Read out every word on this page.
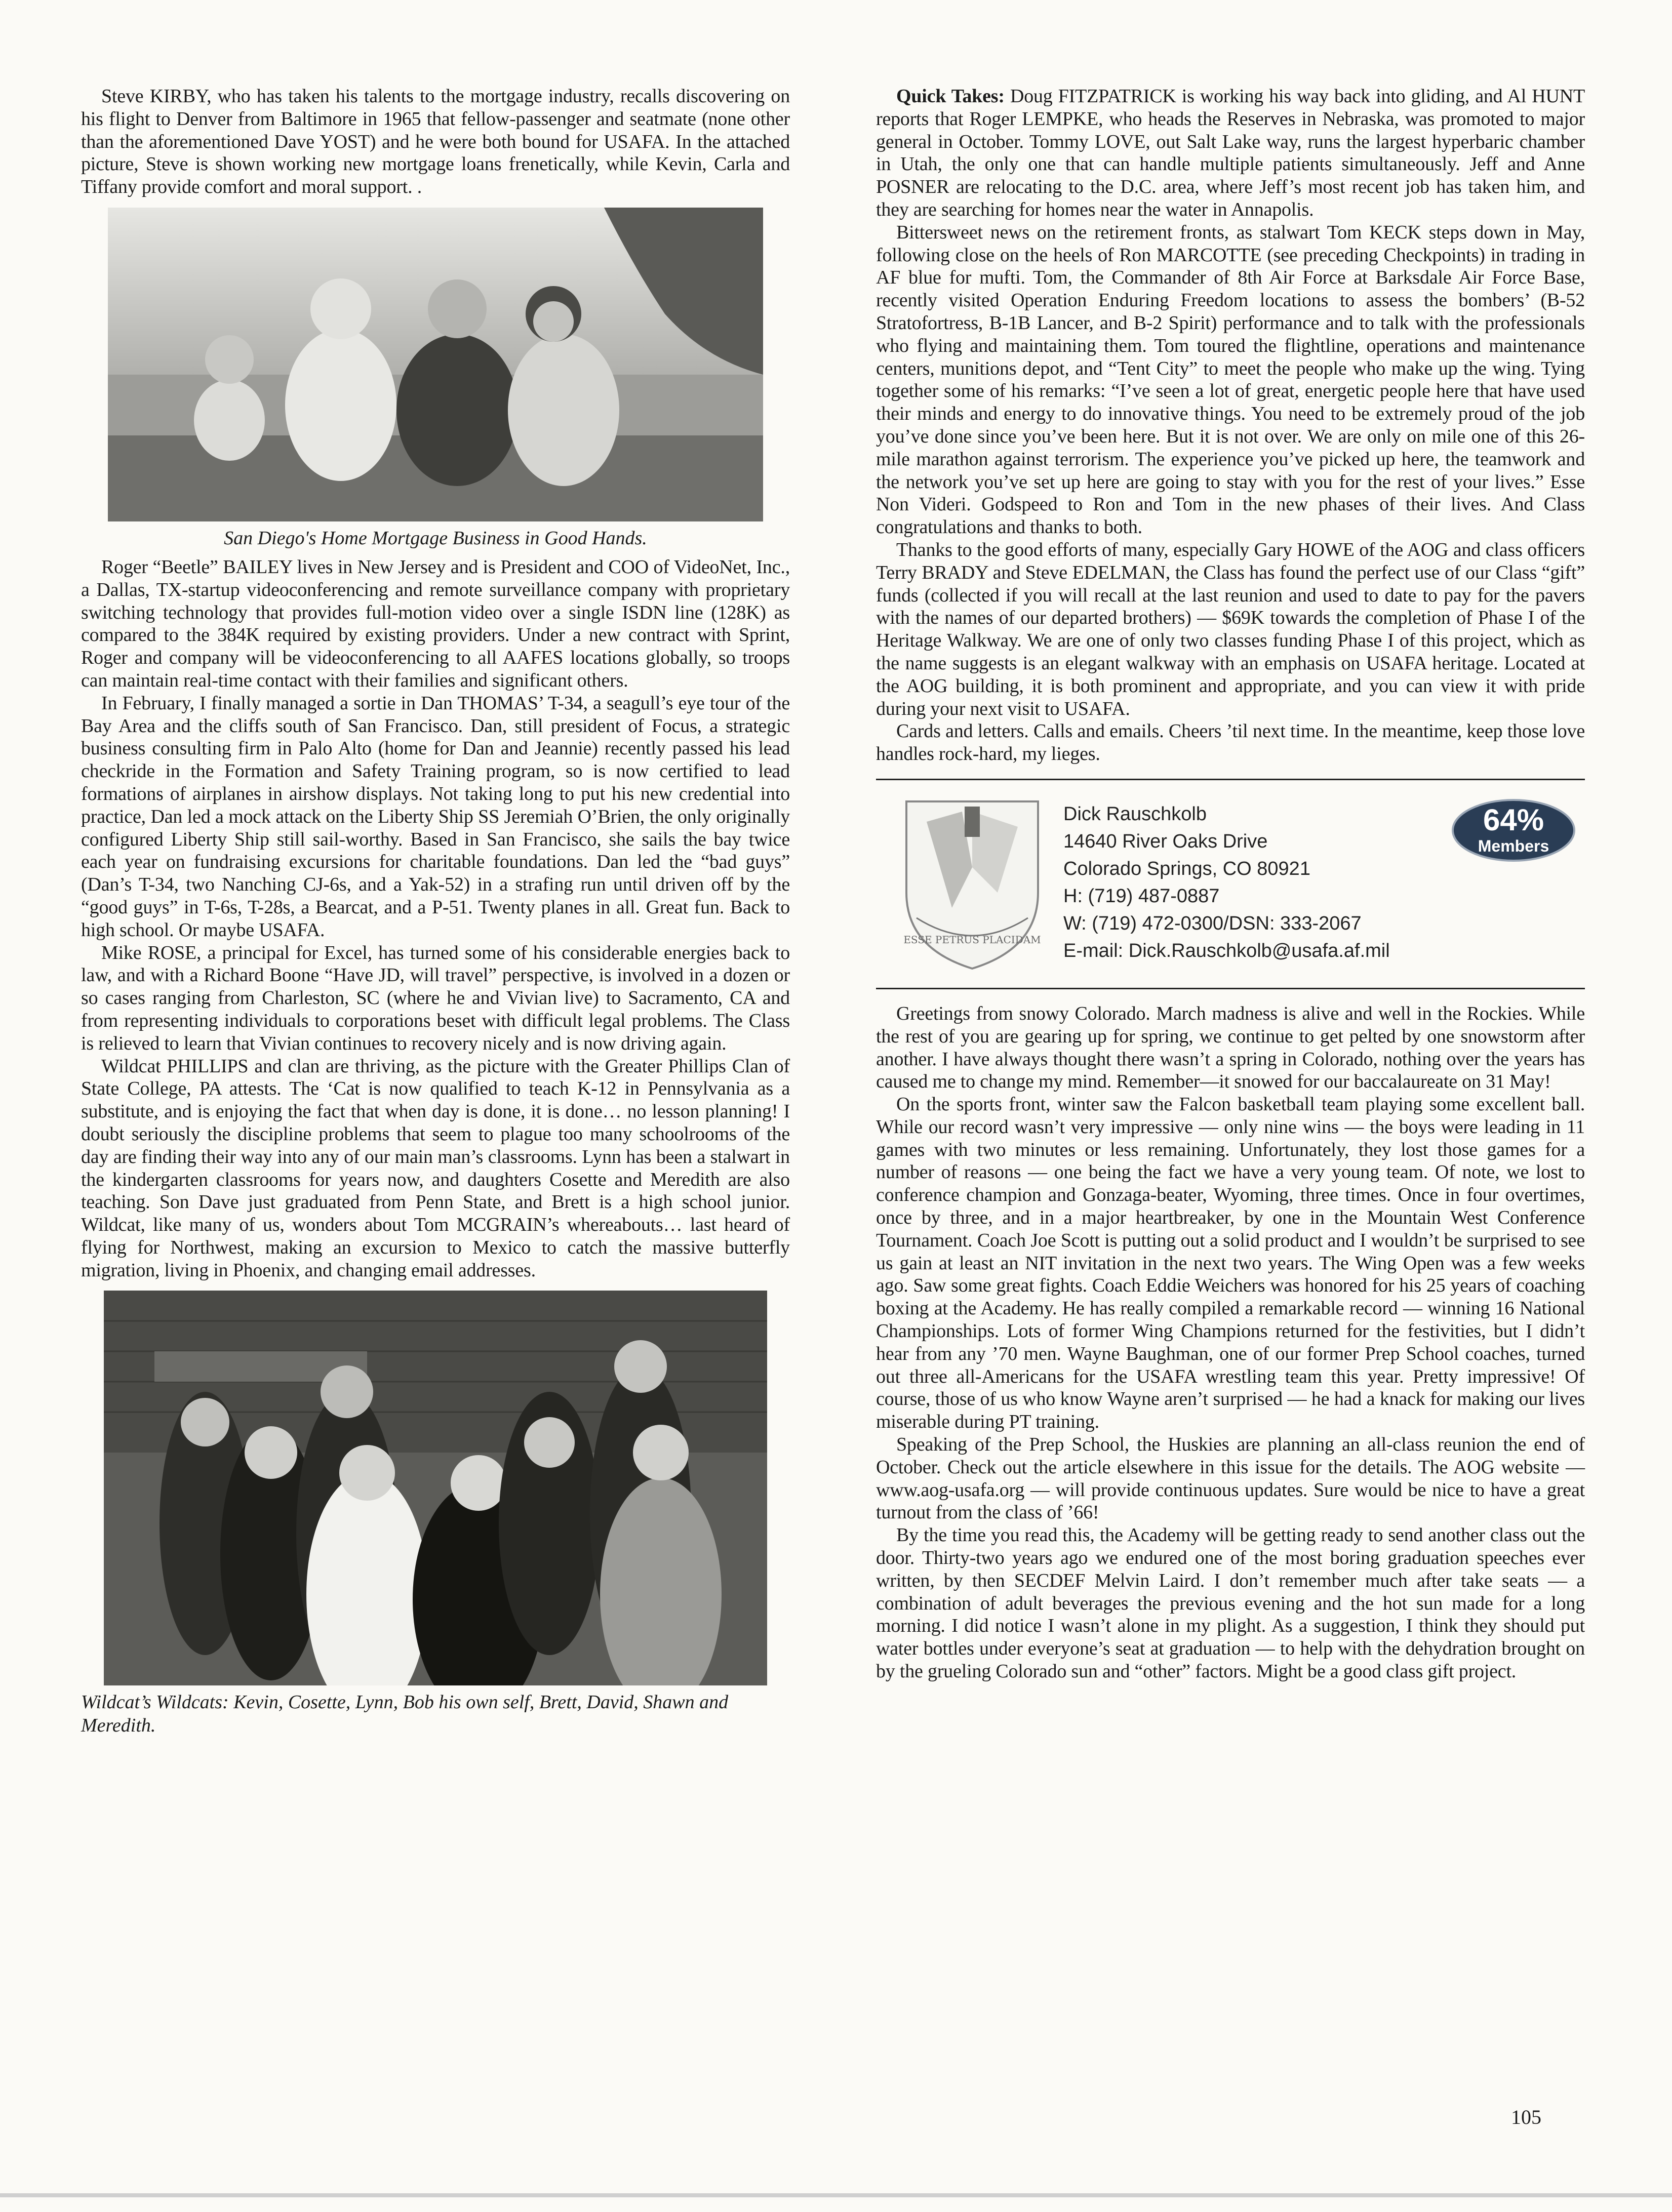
Steve KIRBY, who has taken his talents to the mortgage industry, recalls discovering on his flight to Denver from Baltimore in 1965 that fellow-passenger and seatmate (none other than the aforementioned Dave YOST) and he were both bound for USAFA. In the attached picture, Steve is shown working new mortgage loans frenetically, while Kevin, Carla and Tiffany provide comfort and moral support. .

San Diego's Home Mortgage Business in Good Hands.

Roger “Beetle” BAILEY lives in New Jersey and is President and COO of VideoNet, Inc., a Dallas, TX-startup videoconferencing and remote surveillance company with proprietary switching technology that provides full-motion video over a single ISDN line (128K) as compared to the 384K required by existing providers. Under a new contract with Sprint, Roger and company will be videoconferencing to all AAFES locations globally, so troops can maintain real-time contact with their families and significant others.

In February, I finally managed a sortie in Dan THOMAS’ T-34, a seagull’s eye tour of the Bay Area and the cliffs south of San Francisco. Dan, still president of Focus, a strategic business consulting firm in Palo Alto (home for Dan and Jeannie) recently passed his lead checkride in the Formation and Safety Training program, so is now certified to lead formations of airplanes in airshow displays. Not taking long to put his new credential into practice, Dan led a mock attack on the Liberty Ship SS Jeremiah O’Brien, the only originally configured Liberty Ship still sail-worthy. Based in San Francisco, she sails the bay twice each year on fundraising excursions for charitable foundations. Dan led the “bad guys” (Dan’s T-34, two Nanching CJ-6s, and a Yak-52) in a strafing run until driven off by the “good guys” in T-6s, T-28s, a Bearcat, and a P-51. Twenty planes in all. Great fun. Back to high school. Or maybe USAFA.

Mike ROSE, a principal for Excel, has turned some of his considerable energies back to law, and with a Richard Boone “Have JD, will travel” perspective, is involved in a dozen or so cases ranging from Charleston, SC (where he and Vivian live) to Sacramento, CA and from representing individuals to corporations beset with difficult legal problems. The Class is relieved to learn that Vivian continues to recovery nicely and is now driving again.

Wildcat PHILLIPS and clan are thriving, as the picture with the Greater Phillips Clan of State College, PA attests. The ‘Cat is now qualified to teach K-12 in Pennsylvania as a substitute, and is enjoying the fact that when day is done, it is done… no lesson planning! I doubt seriously the discipline problems that seem to plague too many schoolrooms of the day are finding their way into any of our main man’s classrooms. Lynn has been a stalwart in the kindergarten classrooms for years now, and daughters Cosette and Meredith are also teaching. Son Dave just graduated from Penn State, and Brett is a high school junior. Wildcat, like many of us, wonders about Tom MCGRAIN’s whereabouts… last heard of flying for Northwest, making an excursion to Mexico to catch the massive butterfly migration, living in Phoenix, and changing email addresses.

Wildcat’s Wildcats: Kevin, Cosette, Lynn, Bob his own self, Brett, David, Shawn and Meredith.

Quick Takes: Doug FITZPATRICK is working his way back into gliding, and Al HUNT reports that Roger LEMPKE, who heads the Reserves in Nebraska, was promoted to major general in October. Tommy LOVE, out Salt Lake way, runs the largest hyperbaric chamber in Utah, the only one that can handle multiple patients simultaneously. Jeff and Anne POSNER are relocating to the D.C. area, where Jeff’s most recent job has taken him, and they are searching for homes near the water in Annapolis.

Bittersweet news on the retirement fronts, as stalwart Tom KECK steps down in May, following close on the heels of Ron MARCOTTE (see preceding Checkpoints) in trading in AF blue for mufti. Tom, the Commander of 8th Air Force at Barksdale Air Force Base, recently visited Operation Enduring Freedom locations to assess the bombers’ (B-52 Stratofortress, B-1B Lancer, and B-2 Spirit) performance and to talk with the professionals who flying and maintaining them. Tom toured the flightline, operations and maintenance centers, munitions depot, and “Tent City” to meet the people who make up the wing. Tying together some of his remarks: “I’ve seen a lot of great, energetic people here that have used their minds and energy to do innovative things. You need to be extremely proud of the job you’ve done since you’ve been here. But it is not over. We are only on mile one of this 26-mile marathon against terrorism. The experience you’ve picked up here, the teamwork and the network you’ve set up here are going to stay with you for the rest of your lives.” Esse Non Videri. Godspeed to Ron and Tom in the new phases of their lives. And Class congratulations and thanks to both.

Thanks to the good efforts of many, especially Gary HOWE of the AOG and class officers Terry BRADY and Steve EDELMAN, the Class has found the perfect use of our Class “gift” funds (collected if you will recall at the last reunion and used to date to pay for the pavers with the names of our departed brothers) — $69K towards the completion of Phase I of the Heritage Walkway. We are one of only two classes funding Phase I of this project, which as the name suggests is an elegant walkway with an emphasis on USAFA heritage. Located at the AOG building, it is both prominent and appropriate, and you can view it with pride during your next visit to USAFA.

Cards and letters. Calls and emails. Cheers ’til next time. In the meantime, keep those love handles rock-hard, my lieges.

ESSE PETRUS PLACIDAM
Dick Rauschkolb
14640 River Oaks Drive
Colorado Springs, CO 80921
H: (719) 487-0887
W: (719) 472-0300/DSN: 333-2067
E-mail: Dick.Rauschkolb@usafa.af.mil
64%
Members

Greetings from snowy Colorado. March madness is alive and well in the Rockies. While the rest of you are gearing up for spring, we continue to get pelted by one snowstorm after another. I have always thought there wasn’t a spring in Colorado, nothing over the years has caused me to change my mind. Remember—it snowed for our baccalaureate on 31 May!

On the sports front, winter saw the Falcon basketball team playing some excellent ball. While our record wasn’t very impressive — only nine wins — the boys were leading in 11 games with two minutes or less remaining. Unfortunately, they lost those games for a number of reasons — one being the fact we have a very young team. Of note, we lost to conference champion and Gonzaga-beater, Wyoming, three times. Once in four overtimes, once by three, and in a major heartbreaker, by one in the Mountain West Conference Tournament. Coach Joe Scott is putting out a solid product and I wouldn’t be surprised to see us gain at least an NIT invitation in the next two years. The Wing Open was a few weeks ago. Saw some great fights. Coach Eddie Weichers was honored for his 25 years of coaching boxing at the Academy. He has really compiled a remarkable record — winning 16 National Championships. Lots of former Wing Champions returned for the festivities, but I didn’t hear from any ’70 men. Wayne Baughman, one of our former Prep School coaches, turned out three all-Americans for the USAFA wrestling team this year. Pretty impressive! Of course, those of us who know Wayne aren’t surprised — he had a knack for making our lives miserable during PT training.

Speaking of the Prep School, the Huskies are planning an all-class reunion the end of October. Check out the article elsewhere in this issue for the details. The AOG website — www.aog-usafa.org — will provide continuous updates. Sure would be nice to have a great turnout from the class of ’66!

By the time you read this, the Academy will be getting ready to send another class out the door. Thirty-two years ago we endured one of the most boring graduation speeches ever written, by then SECDEF Melvin Laird. I don’t remember much after take seats — a combination of adult beverages the previous evening and the hot sun made for a long morning. I did notice I wasn’t alone in my plight. As a suggestion, I think they should put water bottles under everyone’s seat at graduation — to help with the dehydration brought on by the grueling Colorado sun and “other” factors. Might be a good class gift project.

105
